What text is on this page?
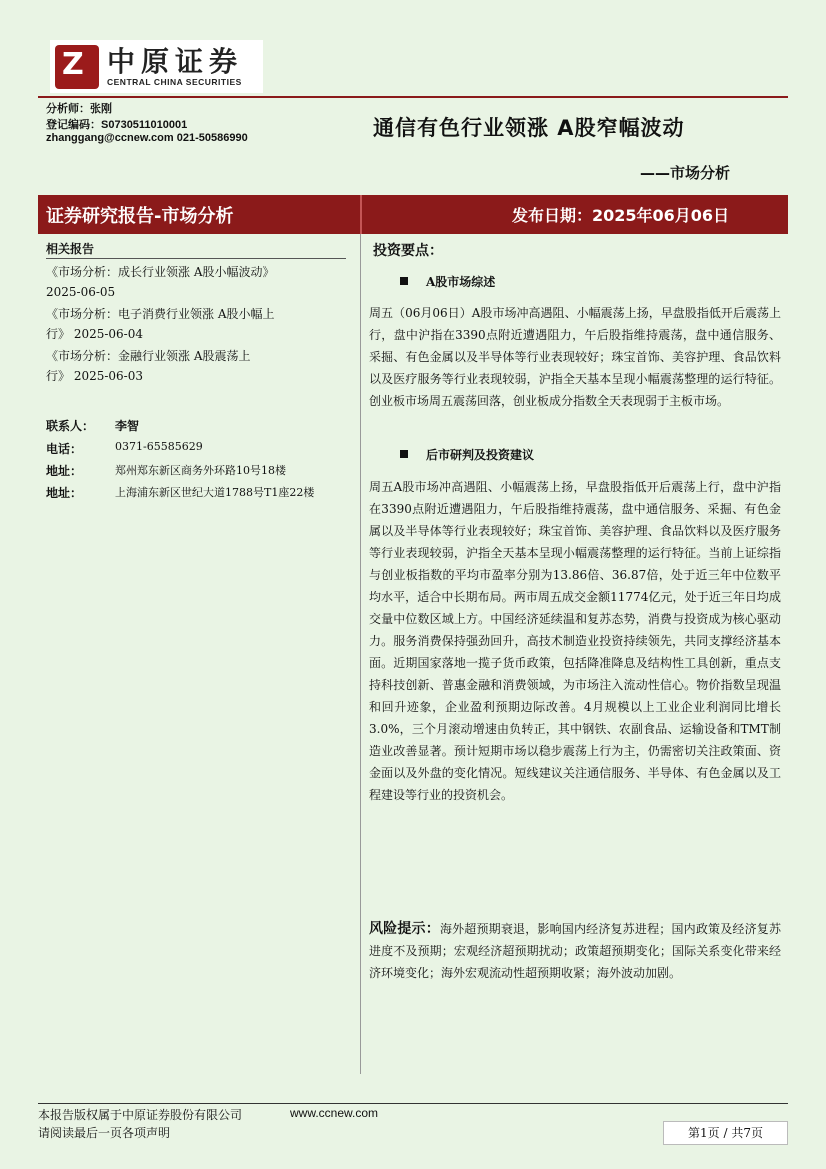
Z 中原证券
CENTRAL CHINA SECURITIES
分析师：张刚
登记编码：S0730511010001
zhanggang@ccnew.com 021-50586990	通信有色行业领涨 A股窄幅波动
——市场分析
证券研究报告-市场分析	发布日期：2025年06月06日
相关报告
《市场分析：成长行业领涨 A股小幅波动》
2025-06-05
《市场分析：电子消费行业领涨 A股小幅上
行》 2025-06-04
《市场分析：金融行业领涨 A股震荡上
行》 2025-06-03
联系人： 李智
电话：	0371-65585629
地址：	郑州郑东新区商务外环路10号18楼
地址：	上海浦东新区世纪大道1788号T1座22楼
投资要点：
A股市场综述
周五（06月06日）A股市场冲高遇阻、小幅震荡上扬，早盘股指低开后震荡上行，盘中沪指在3390点附近遭遇阻力，午后股指维持震荡，盘中通信服务、采掘、有色金属以及半导体等行业表现较好；珠宝首饰、美容护理、食品饮料以及医疗服务等行业表现较弱，沪指全天基本呈现小幅震荡整理的运行特征。创业板市场周五震荡回落，创业板成分指数全天表现弱于主板市场。
后市研判及投资建议
周五A股市场冲高遇阻、小幅震荡上扬，早盘股指低开后震荡上行，盘中沪指在3390点附近遭遇阻力，午后股指维持震荡，盘中通信服务、采掘、有色金属以及半导体等行业表现较好；珠宝首饰、美容护理、食品饮料以及医疗服务等行业表现较弱，沪指全天基本呈现小幅震荡整理的运行特征。当前上证综指与创业板指数的平均市盈率分别为13.86倍、36.87倍，处于近三年中位数平均水平，适合中长期布局。两市周五成交金额11774亿元，处于近三年日均成交量中位数区域上方。中国经济延续温和复苏态势，消费与投资成为核心驱动力。服务消费保持强劲回升，高技术制造业投资持续领先，共同支撑经济基本面。近期国家落地一揽子货币政策，包括降准降息及结构性工具创新，重点支持科技创新、普惠金融和消费领域，为市场注入流动性信心。物价指数呈现温和回升迹象，企业盈利预期边际改善。4月规模以上工业企业利润同比增长3.0%，三个月滚动增速由负转正，其中钢铁、农副食品、运输设备和TMT制造业改善显著。预计短期市场以稳步震荡上行为主，仍需密切关注政策面、资金面以及外盘的变化情况。短线建议关注通信服务、半导体、有色金属以及工程建设等行业的投资机会。
风险提示：海外超预期衰退，影响国内经济复苏进程；国内政策及经济复苏进度不及预期；宏观经济超预期扰动；政策超预期变化；国际关系变化带来经济环境变化；海外宏观流动性超预期收紧；海外波动加剧。
本报告版权属于中原证券股份有限公司	www.ccnew.com
请阅读最后一页各项声明	第1页 / 共7页
